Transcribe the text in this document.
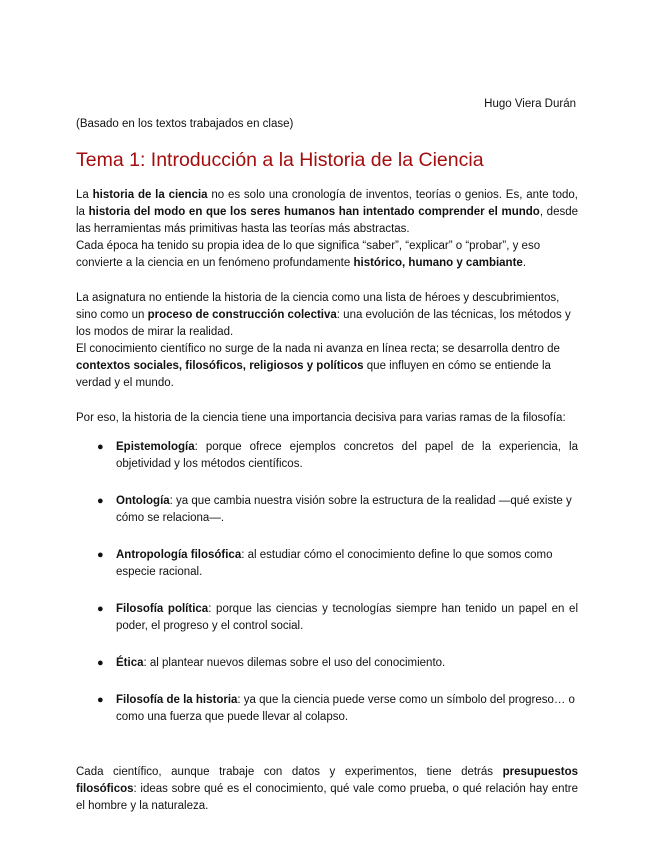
Hugo Viera Durán
(Basado en los textos trabajados en clase)
Tema 1: Introducción a la Historia de la Ciencia

La historia de la ciencia no es solo una cronología de inventos, teorías o genios. Es, ante todo, la historia del modo en que los seres humanos han intentado comprender el mundo, desde las herramientas más primitivas hasta las teorías más abstractas.

Cada época ha tenido su propia idea de lo que significa “saber”, “explicar” o “probar”, y eso convierte a la ciencia en un fenómeno profundamente histórico, humano y cambiante.

La asignatura no entiende la historia de la ciencia como una lista de héroes y descubrimientos, sino como un proceso de construcción colectiva: una evolución de las técnicas, los métodos y los modos de mirar la realidad.

El conocimiento científico no surge de la nada ni avanza en línea recta; se desarrolla dentro de contextos sociales, filosóficos, religiosos y políticos que influyen en cómo se entiende la verdad y el mundo.

Por eso, la historia de la ciencia tiene una importancia decisiva para varias ramas de la filosofía:

● Epistemología: porque ofrece ejemplos concretos del papel de la experiencia, la objetividad y los métodos científicos.
● Ontología: ya que cambia nuestra visión sobre la estructura de la realidad —qué existe y cómo se relaciona—.
● Antropología filosófica: al estudiar cómo el conocimiento define lo que somos como especie racional.
● Filosofía política: porque las ciencias y tecnologías siempre han tenido un papel en el poder, el progreso y el control social.
● Ética: al plantear nuevos dilemas sobre el uso del conocimiento.
● Filosofía de la historia: ya que la ciencia puede verse como un símbolo del progreso… o como una fuerza que puede llevar al colapso.

Cada científico, aunque trabaje con datos y experimentos, tiene detrás presupuestos filosóficos: ideas sobre qué es el conocimiento, qué vale como prueba, o qué relación hay entre el hombre y la naturaleza.
